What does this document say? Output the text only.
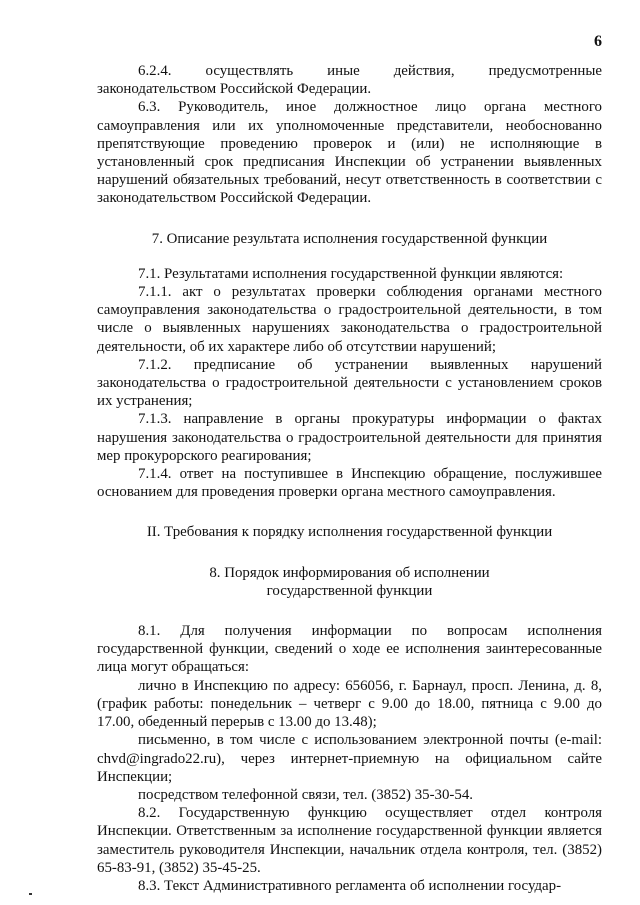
6

6.2.4. осуществлять иные действия, предусмотренные законодательством Российской Федерации.

6.3. Руководитель, иное должностное лицо органа местного самоуправления или их уполномоченные представители, необоснованно препятствующие проведению проверок и (или) не исполняющие в установленный срок предписания Инспекции об устранении выявленных нарушений обязательных требований, несут ответственность в соответствии с законодательством Российской Федерации.

7. Описание результата исполнения государственной функции

7.1. Результатами исполнения государственной функции являются:

7.1.1. акт о результатах проверки соблюдения органами местного самоуправления законодательства о градостроительной деятельности, в том числе о выявленных нарушениях законодательства о градостроительной деятельности, об их характере либо об отсутствии нарушений;

7.1.2. предписание об устранении выявленных нарушений законодательства о градостроительной деятельности с установлением сроков их устранения;

7.1.3. направление в органы прокуратуры информации о фактах нарушения законодательства о градостроительной деятельности для принятия мер прокурорского реагирования;

7.1.4. ответ на поступившее в Инспекцию обращение, послужившее основанием для проведения проверки органа местного самоуправления.

II. Требования к порядку исполнения государственной функции

8. Порядок информирования об исполнении

государственной функции

8.1. Для получения информации по вопросам исполнения государственной функции, сведений о ходе ее исполнения заинтересованные лица могут обращаться:

лично в Инспекцию по адресу: 656056, г. Барнаул, просп. Ленина, д. 8, (график работы: понедельник – четверг с 9.00 до 18.00, пятница с 9.00 до 17.00, обеденный перерыв с 13.00 до 13.48);

письменно, в том числе с использованием электронной почты (e-mail: chvd@ingrado22.ru), через интернет-приемную на официальном сайте Инспекции;

посредством телефонной связи, тел. (3852) 35-30-54.

8.2. Государственную функцию осуществляет отдел контроля Инспекции. Ответственным за исполнение государственной функции является заместитель руководителя Инспекции, начальник отдела контроля, тел. (3852) 65-83-91, (3852) 35-45-25.

8.3. Текст Административного регламента об исполнении государ-
